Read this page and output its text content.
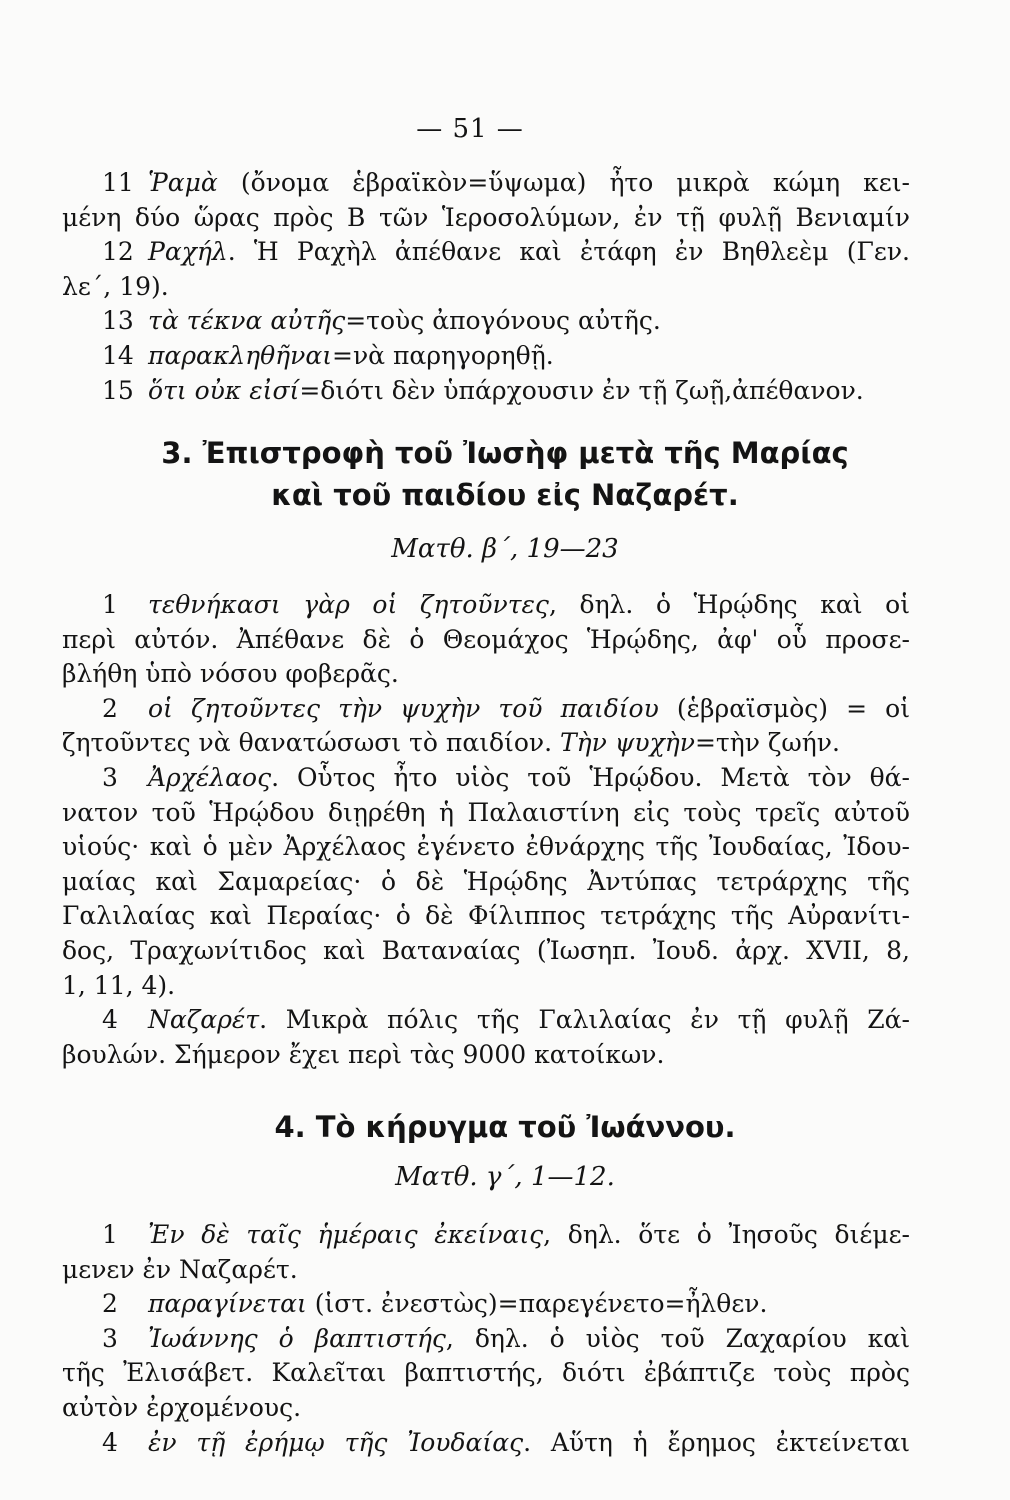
— 51 —
11 Ῥαμὰ (ὄνομα ἑβραϊκὸν=ὕψωμα) ἦτο μικρὰ κώμη κει-
μένη δύο ὥρας πρὸς Β τῶν Ἱεροσολύμων, ἐν τῇ φυλῇ Βενιαμίν
12 Ραχήλ. Ἡ Ραχὴλ ἀπέθανε καὶ ἐτάφη ἐν Βηθλεὲμ (Γεν.
λε΄, 19).
13 τὰ τέκνα αὐτῆς=τοὺς ἀπογόνους αὐτῆς.
14 παρακληθῆναι=νὰ παρηγορηθῇ.
15 ὅτι οὐκ εἰσί=διότι δὲν ὑπάρχουσιν ἐν τῇ ζωῇ,ἀπέθανον.
3. Ἐπιστροφὴ τοῦ Ἰωσὴφ μετὰ τῆς Μαρίας
καὶ τοῦ παιδίου εἰς Ναζαρέτ.
Ματθ. β΄, 19—23
1 τεθνήκασι γὰρ οἱ ζητοῦντες, δηλ. ὁ Ἡρῴδης καὶ οἱ
περὶ αὐτόν. Ἀπέθανε δὲ ὁ Θεομάχος Ἡρῴδης, ἀφ' οὗ προσε-
βλήθη ὑπὸ νόσου φοβερᾶς.
2 οἱ ζητοῦντες τὴν ψυχὴν τοῦ παιδίου (ἑβραϊσμὸς) = οἱ
ζητοῦντες νὰ θανατώσωσι τὸ παιδίον. Τὴν ψυχὴν=τὴν ζωήν.
3 Ἀρχέλαος. Οὗτος ἦτο υἱὸς τοῦ Ἡρῴδου. Μετὰ τὸν θά-
νατον τοῦ Ἡρῴδου διῃρέθη ἡ Παλαιστίνη εἰς τοὺς τρεῖς αὐτοῦ
υἱούς· καὶ ὁ μὲν Ἀρχέλαος ἐγένετο ἐθνάρχης τῆς Ἰουδαίας, Ἰδου-
μαίας καὶ Σαμαρείας· ὁ δὲ Ἡρῴδης Ἀντύπας τετράρχης τῆς
Γαλιλαίας καὶ Περαίας· ὁ δὲ Φίλιππος τετράχης τῆς Αὐρανίτι-
δος, Τραχωνίτιδος καὶ Βαταναίας (Ἰωσηπ. Ἰουδ. ἀρχ. XVII, 8,
1, 11, 4).
4 Ναζαρέτ. Μικρὰ πόλις τῆς Γαλιλαίας ἐν τῇ φυλῇ Ζά-
βουλών. Σήμερον ἔχει περὶ τὰς 9000 κατοίκων.
4. Τὸ κήρυγμα τοῦ Ἰωάννου.
Ματθ. γ΄, 1—12.
1 Ἐν δὲ ταῖς ἡμέραις ἐκείναις, δηλ. ὅτε ὁ Ἰησοῦς διέμε-
μενεν ἐν Ναζαρέτ.
2 παραγίνεται (ἱστ. ἐνεστὼς)=παρεγένετο=ἦλθεν.
3 Ἰωάννης ὁ βαπτιστής, δηλ. ὁ υἱὸς τοῦ Ζαχαρίου καὶ
τῆς Ἐλισάβετ. Καλεῖται βαπτιστής, διότι ἐβάπτιζε τοὺς πρὸς
αὐτὸν ἐρχομένους.
4 ἐν τῇ ἐρήμῳ τῆς Ἰουδαίας. Αὕτη ἡ ἔρημος ἐκτείνεται
